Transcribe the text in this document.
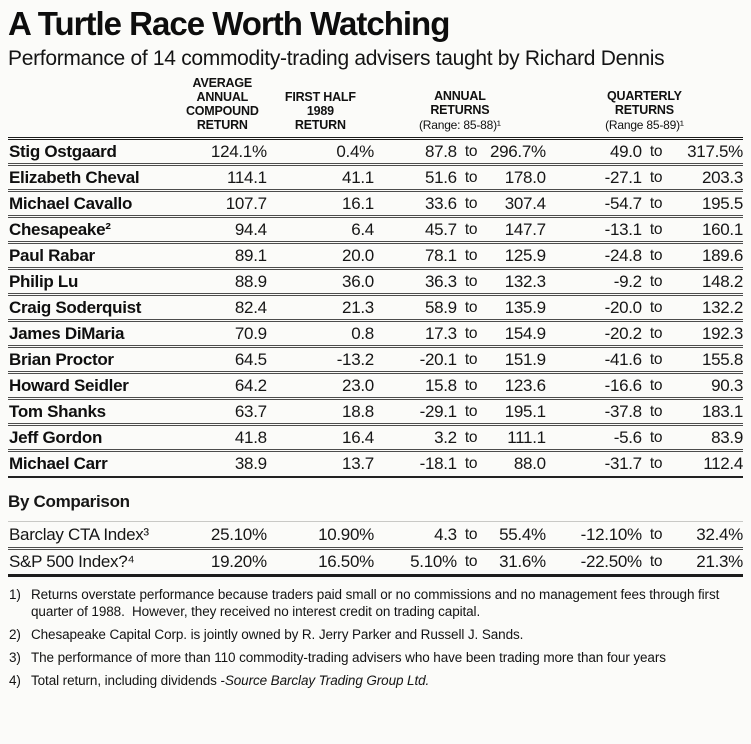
A Turtle Race Worth Watching
Performance of 14 commodity-trading advisers taught by Richard Dennis

AVERAGE
ANNUAL
COMPOUND
RETURN

FIRST HALF
1989
RETURN

ANNUAL
RETURNS
(Range: 85-88)¹

QUARTERLY
RETURNS
(Range 85-89)¹

Stig Ostgaard	124.1%	0.4%	87.8	to	296.7%	49.0	to	317.5%
Elizabeth Cheval	114.1	41.1	51.6	to	178.0	-27.1	to	203.3
Michael Cavallo	107.7	16.1	33.6	to	307.4	-54.7	to	195.5
Chesapeake²	94.4	6.4	45.7	to	147.7	-13.1	to	160.1
Paul Rabar	89.1	20.0	78.1	to	125.9	-24.8	to	189.6
Philip Lu	88.9	36.0	36.3	to	132.3	-9.2	to	148.2
Craig Soderquist	82.4	21.3	58.9	to	135.9	-20.0	to	132.2
James DiMaria	70.9	0.8	17.3	to	154.9	-20.2	to	192.3
Brian Proctor	64.5	-13.2	-20.1	to	151.9	-41.6	to	155.8
Howard Seidler	64.2	23.0	15.8	to	123.6	-16.6	to	90.3
Tom Shanks	63.7	18.8	-29.1	to	195.1	-37.8	to	183.1
Jeff Gordon	41.8	16.4	3.2	to	111.1	-5.6	to	83.9
Michael Carr	38.9	13.7	-18.1	to	88.0	-31.7	to	112.4
By Comparison								
Barclay CTA Index³	25.10%	10.90%	4.3	to	55.4%	-12.10%	to	32.4%
S&P 500 Index?⁴	19.20%	16.50%	5.10%	to	31.6%	-22.50%	to	21.3%
1) Returns overstate performance because traders paid small or no commissions and no management fees through first quarter of 1988.  However, they received no interest credit on trading capital.
2) Chesapeake Capital Corp. is jointly owned by R. Jerry Parker and Russell J. Sands.
3) The performance of more than 110 commodity-trading advisers who have been trading more than four years
4) Total return, including dividends -Source Barclay Trading Group Ltd.
